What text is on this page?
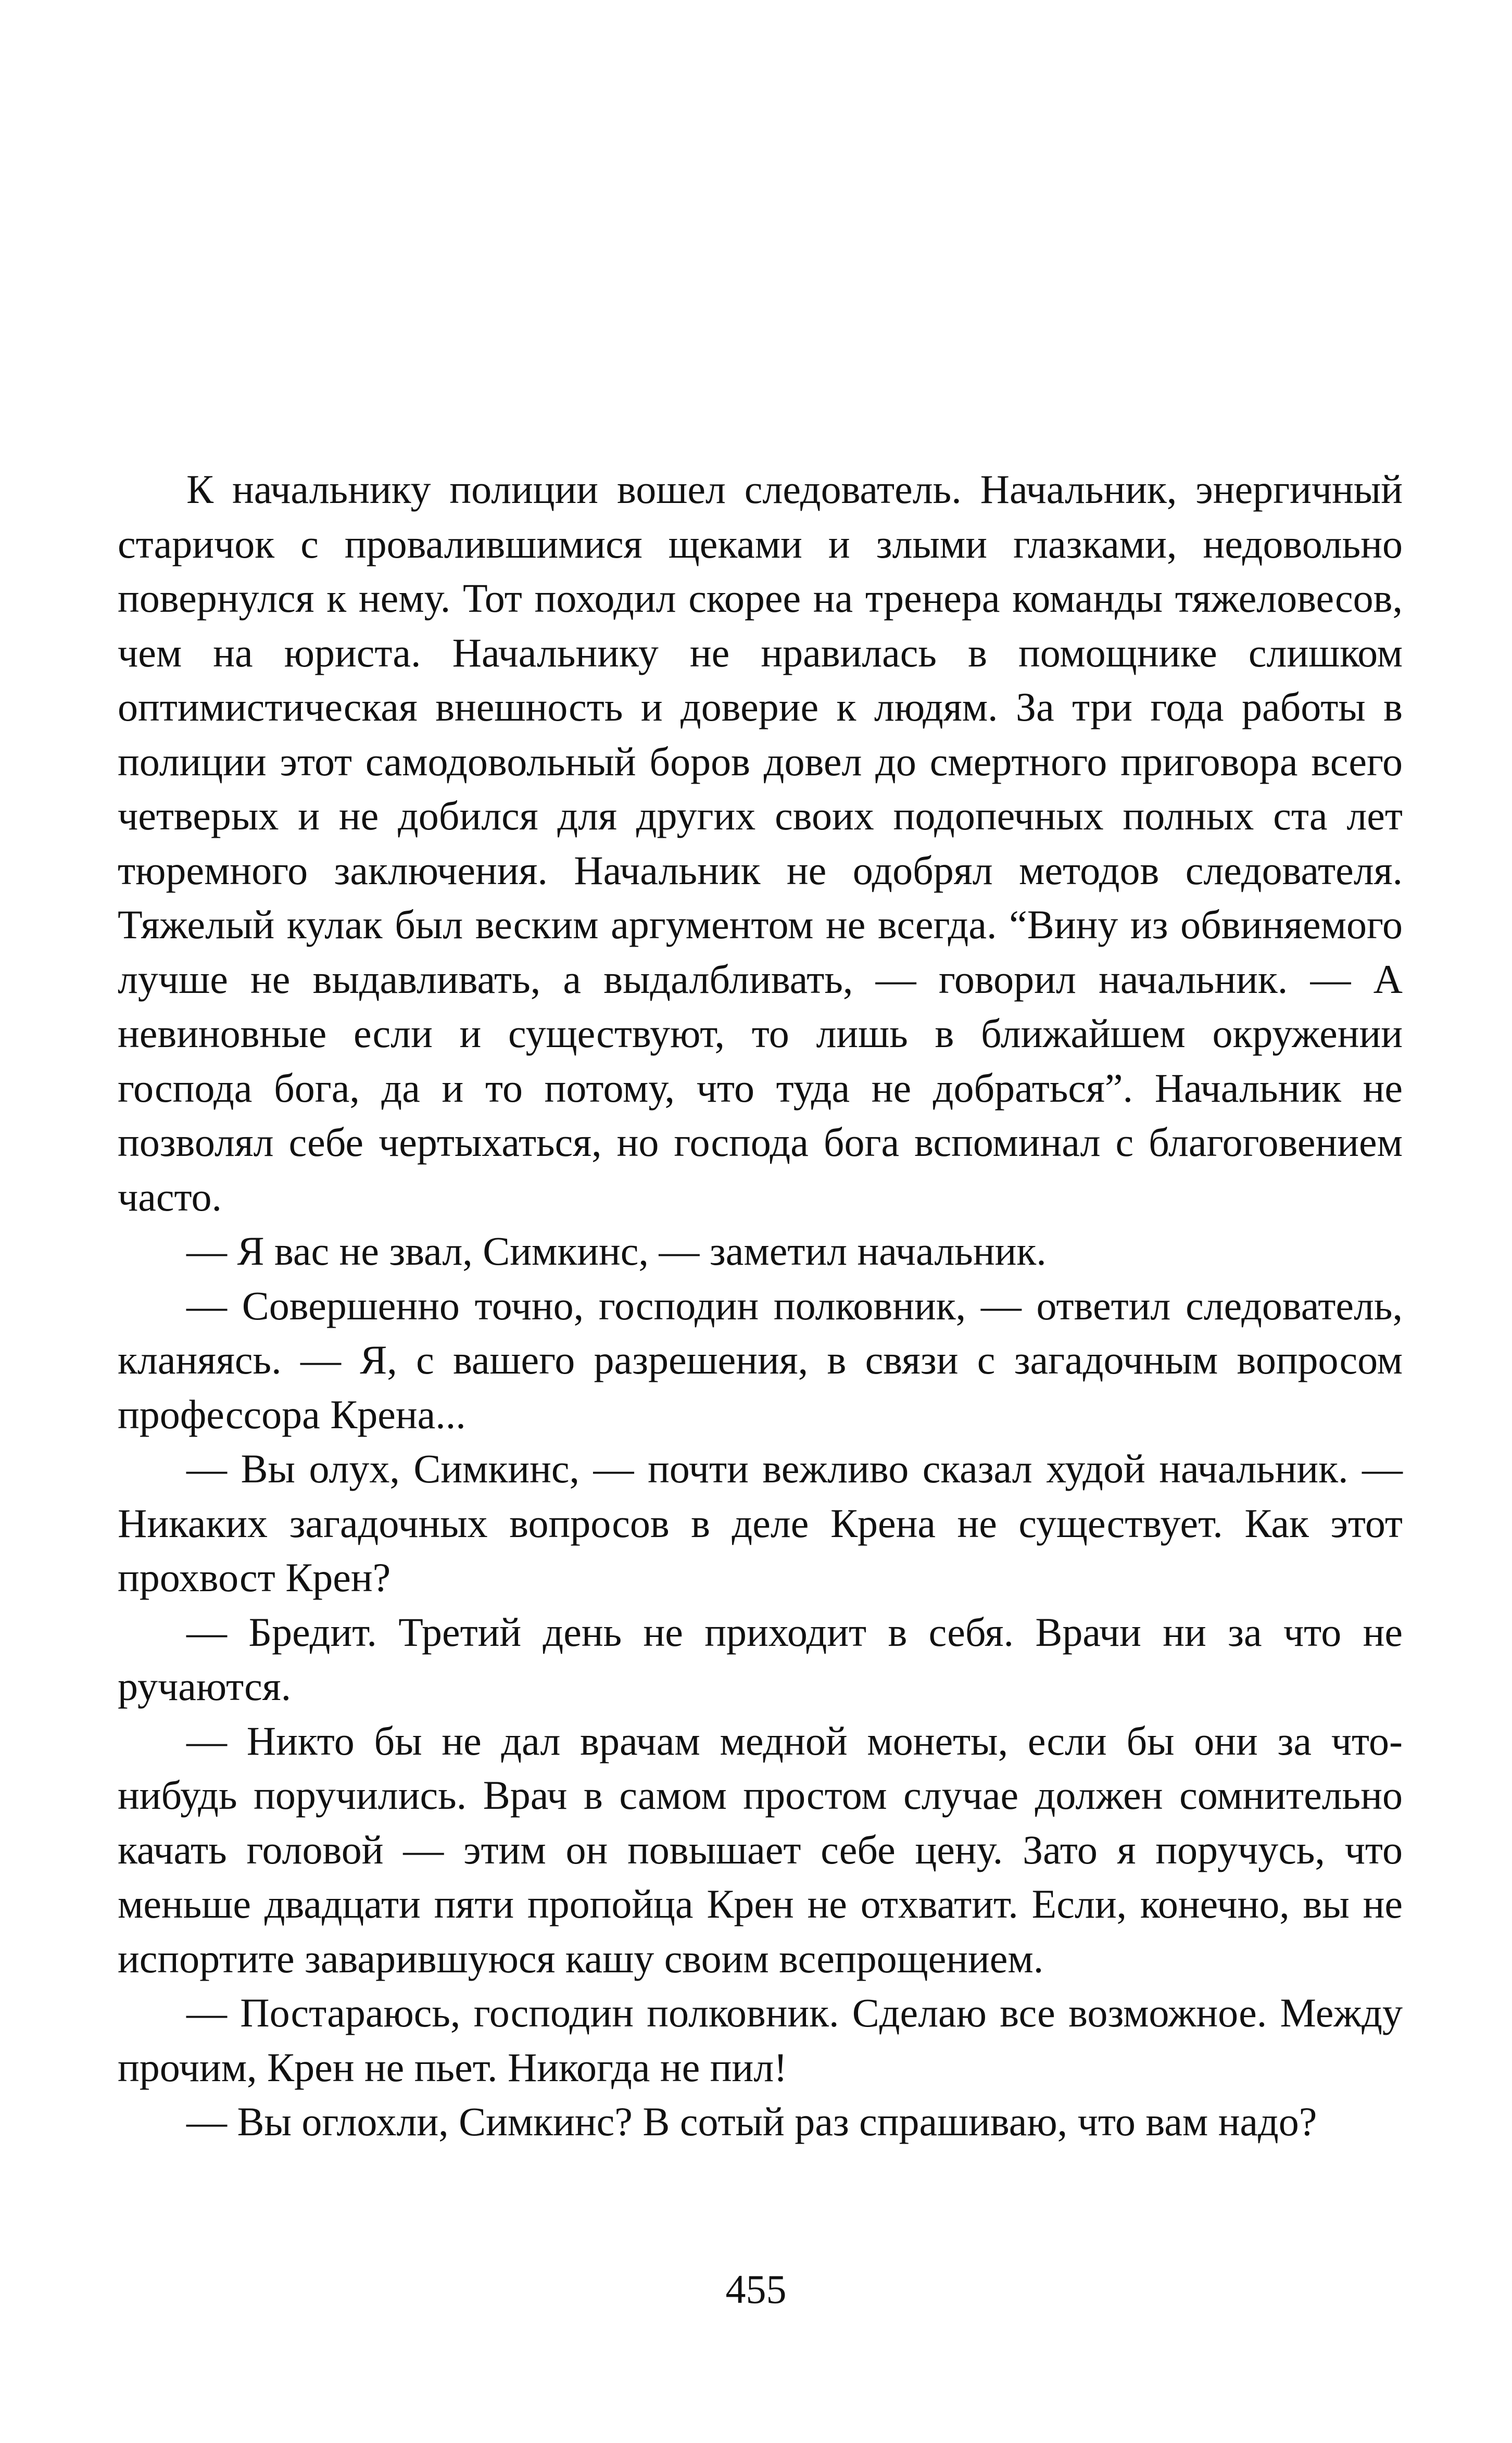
К начальнику полиции вошел следователь. Начальник, энергичный старичок с провалившимися щеками и злыми глазками, недовольно повернулся к нему. Тот походил скорее на тренера команды тяжеловесов, чем на юриста. Начальнику не нравилась в помощнике слишком оптимистическая внешность и доверие к людям. За три года работы в полиции этот самодовольный боров довел до смертного приговора всего четверых и не добился для других своих подопечных полных ста лет тюремного заключения. Начальник не одобрял методов следователя. Тяжелый кулак был веским аргументом не всегда. “Вину из обвиняемого лучше не выдавливать, а выдалбливать, — говорил начальник. — А невиновные если и существуют, то лишь в ближайшем окружении господа бога, да и то потому, что туда не добраться”. Начальник не позволял себе чертыхаться, но господа бога вспоминал с благоговением часто.

— Я вас не звал, Симкинс, — заметил начальник.

— Совершенно точно, господин полковник, — ответил следователь, кланяясь. — Я, с вашего разрешения, в связи с загадочным вопросом профессора Крена...

— Вы олух, Симкинс, — почти вежливо сказал худой начальник. — Никаких загадочных вопросов в деле Крена не существует. Как этот прохвост Крен?

— Бредит. Третий день не приходит в себя. Врачи ни за что не ручаются.

— Никто бы не дал врачам медной монеты, если бы они за что-нибудь поручились. Врач в самом простом случае должен сомнительно качать головой — этим он повышает себе цену. Зато я поручусь, что меньше двадцати пяти пропойца Крен не отхватит. Если, конечно, вы не испортите заварившуюся кашу своим всепрощением.

— Постараюсь, господин полковник. Сделаю все возможное. Между прочим, Крен не пьет. Никогда не пил!

— Вы оглохли, Симкинс? В сотый раз спрашиваю, что вам надо?

455
